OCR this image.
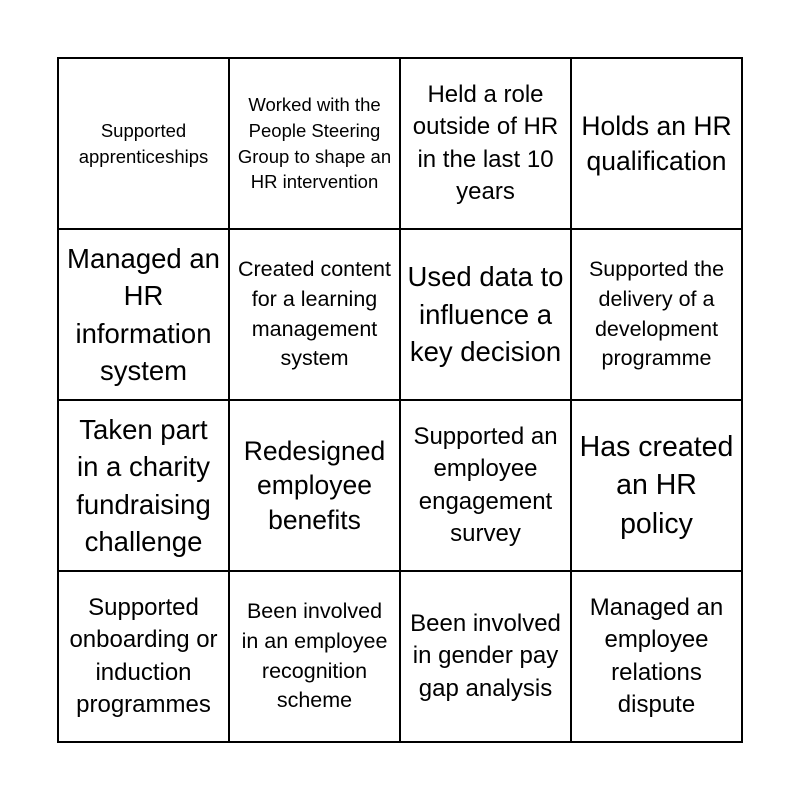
Supported apprenticeships
Worked with the People Steering Group to shape an HR intervention
Held a role outside of HR in the last 10 years
Holds an HR qualification
Managed an HR information system
Created content for a learning management system
Used data to influence a key decision
Supported the delivery of a development programme
Taken part in a charity fundraising challenge
Redesigned employee benefits
Supported an employee engagement survey
Has created an HR policy
Supported onboarding or induction programmes
Been involved in an employee recognition scheme
Been involved in gender pay gap analysis
Managed an employee relations dispute
